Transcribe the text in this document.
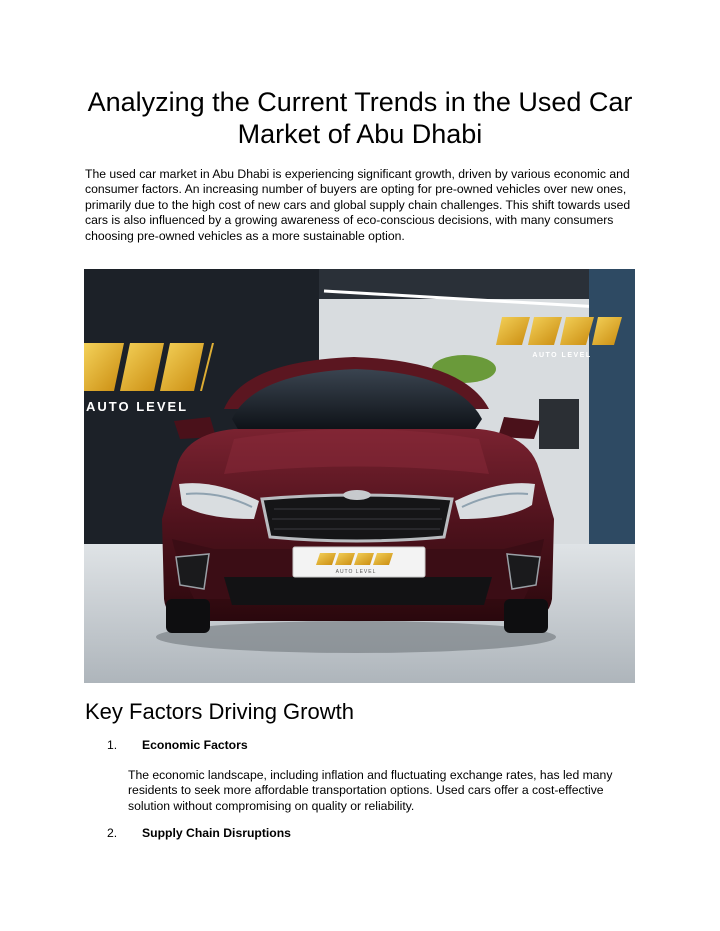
Analyzing the Current Trends in the Used Car Market of Abu Dhabi

The used car market in Abu Dhabi is experiencing significant growth, driven by various economic and consumer factors. An increasing number of buyers are opting for pre-owned vehicles over new ones, primarily due to the high cost of new cars and global supply chain challenges. This shift towards used cars is also influenced by a growing awareness of eco-conscious decisions, with many consumers choosing pre-owned vehicles as a more sustainable option.

AUTO LEVEL
AUTO LEVEL
AUTO LEVEL
Key Factors Driving Growth
1. Economic Factors

The economic landscape, including inflation and fluctuating exchange rates, has led many residents to seek more affordable transportation options. Used cars offer a cost-effective solution without compromising on quality or reliability.

2. Supply Chain Disruptions
